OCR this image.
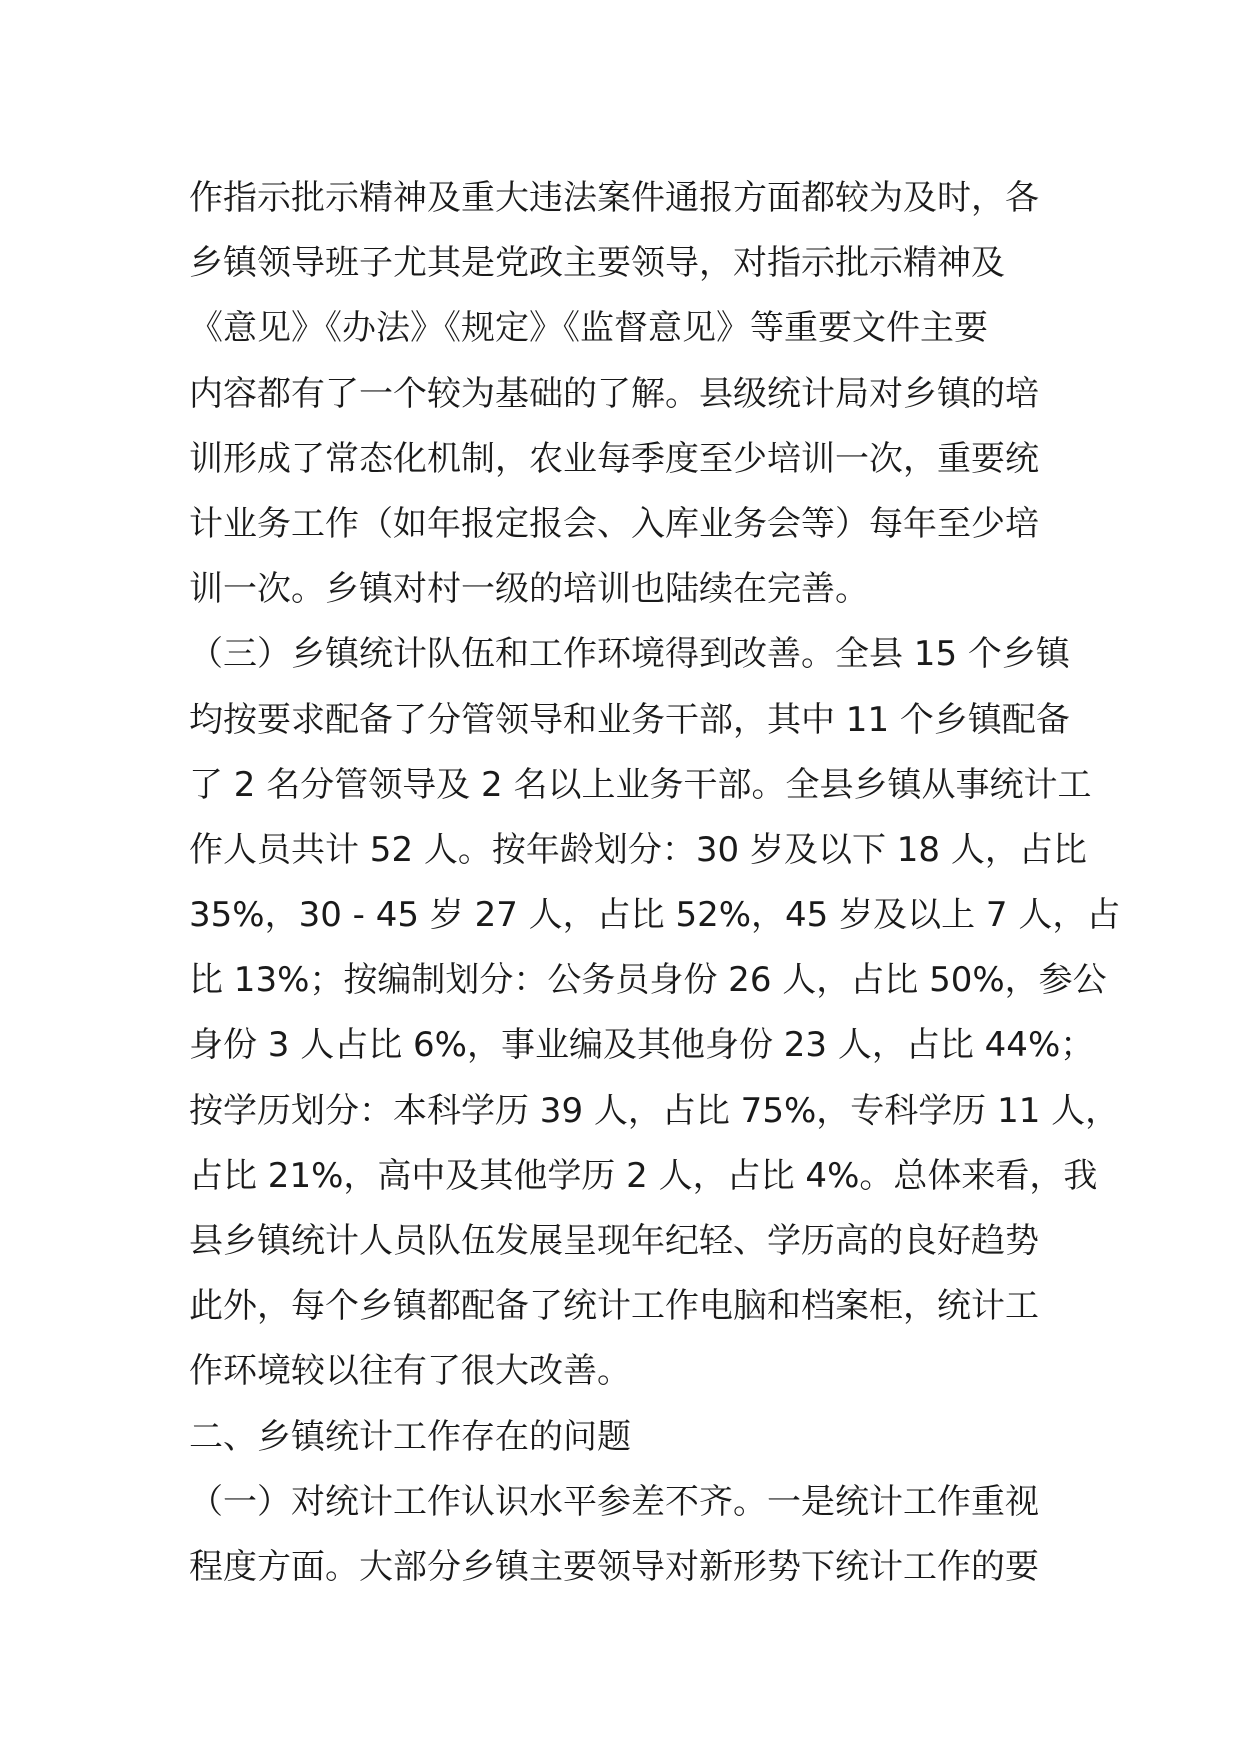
作指示批示精神及重大违法案件通报方面都较为及时，各
乡镇领导班子尤其是党政主要领导，对指示批示精神及
《意见》《办法》《规定》《监督意见》等重要文件主要
内容都有了一个较为基础的了解。县级统计局对乡镇的培
训形成了常态化机制，农业每季度至少培训一次，重要统
计业务工作（如年报定报会、入库业务会等）每年至少培
训一次。乡镇对村一级的培训也陆续在完善。
（三）乡镇统计队伍和工作环境得到改善。全县 15 个乡镇
均按要求配备了分管领导和业务干部，其中 11 个乡镇配备
了 2 名分管领导及 2 名以上业务干部。全县乡镇从事统计工
作人员共计 52 人。按年龄划分：30 岁及以下 18 人，占比
35%，30 - 45 岁 27 人，占比 52%，45 岁及以上 7 人，占
比 13%；按编制划分：公务员身份 26 人，占比 50%，参公
身份 3 人占比 6%，事业编及其他身份 23 人，占比 44%；
按学历划分：本科学历 39 人，占比 75%，专科学历 11 人，
占比 21%，高中及其他学历 2 人，占比 4%。总体来看，我
县乡镇统计人员队伍发展呈现年纪轻、学历高的良好趋势
此外，每个乡镇都配备了统计工作电脑和档案柜，统计工
作环境较以往有了很大改善。
二、乡镇统计工作存在的问题
（一）对统计工作认识水平参差不齐。一是统计工作重视
程度方面。大部分乡镇主要领导对新形势下统计工作的要
